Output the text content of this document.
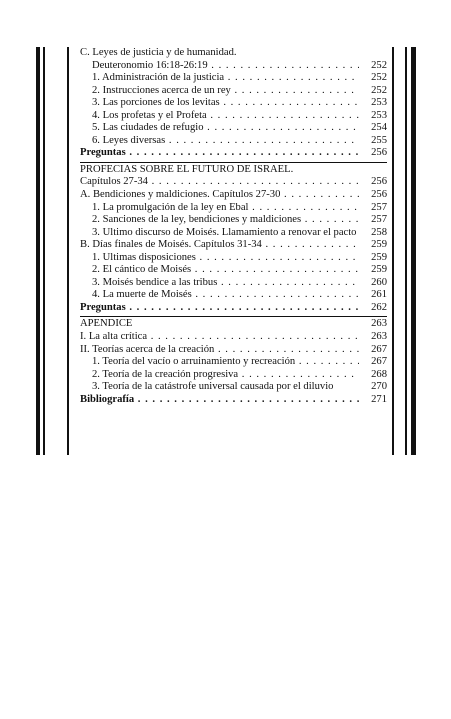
C. Leyes de justicia y de humanidad.
Deuteronomio 16:18-26:19 . . .	252
1. Administración de la justicia . . .	252
2. Instrucciones acerca de un rey . . .	252
3. Las porciones de los levitas . . .	253
4. Los profetas y el Profeta . . .	253
5. Las ciudades de refugio . . .	254
6. Leyes diversas . . .	255
Preguntas . . .	256
PROFECIAS SOBRE EL FUTURO DE ISRAEL.
Capítulos 27-34 . . .	256
A. Bendiciones y maldiciones. Capítulos 27-30 . . .	256
1. La promulgación de la ley en Ebal . . .	257
2. Sanciones de la ley, bendiciones y maldiciones . . .	257
3. Ultimo discurso de Moisés. Llamamiento a renovar el pacto	258
B. Días finales de Moisés. Capítulos 31-34 . . .	259
1. Ultimas disposiciones . . .	259
2. El cántico de Moisés . . .	259
3. Moisés bendice a las tribus . . .	260
4. La muerte de Moisés . . .	261
Preguntas . . .	262
APENDICE	263
I. La alta crítica . . .	263
II. Teorías acerca de la creación . . .	267
1. Teoría del vacío o arruinamiento y recreación . . .	267
2. Teoría de la creación progresiva . . .	268
3. Teoría de la catástrofe universal causada por el diluvio	270
Bibliografía . . .	271
